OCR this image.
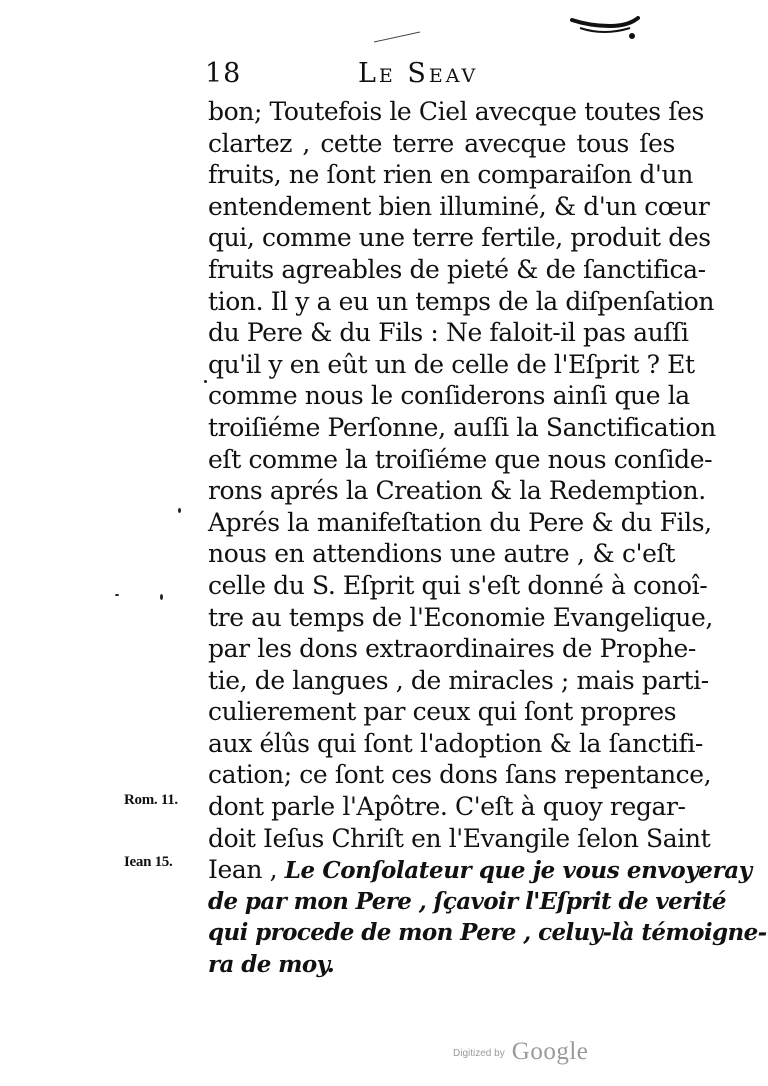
18	Le Seav
bon; Toutefois le Ciel avecque toutes ſes
clartez , cette terre avecque tous ſes
fruits, ne ſont rien en comparaiſon d'un
entendement bien illuminé, & d'un cœur
qui, comme une terre fertile, produit des
fruits agreables de pieté & de ſanctifica-
tion. Il y a eu un temps de la diſpenſation
du Pere & du Fils : Ne faloit-il pas auſſi
qu'il y en eût un de celle de l'Eſprit ? Et
comme nous le conſiderons ainſi que la
troiſiéme Perſonne, auſſi la Sanctification
eſt comme la troiſiéme que nous conſide-
rons aprés la Creation & la Redemption.
Aprés la manifeſtation du Pere & du Fils,
nous en attendions une autre , & c'eſt
celle du S. Eſprit qui s'eſt donné à conoî-
tre au temps de l'Economie Evangelique,
par les dons extraordinaires de Prophe-
tie, de langues , de miracles ; mais parti-
culierement par ceux qui ſont propres
aux élûs qui ſont l'adoption & la ſanctifi-
cation; ce ſont ces dons ſans repentance,
dont parle l'Apôtre. C'eſt à quoy regar-
doit Ieſus Chriſt en l'Evangile ſelon Saint
Iean , Le Conſolateur que je vous envoyeray
de par mon Pere , ſçavoir l'Eſprit de verité
qui procede de mon Pere , celuy-là témoigne-
ra de moy.
Rom. 11.
Iean 15.
Digitized by Google
